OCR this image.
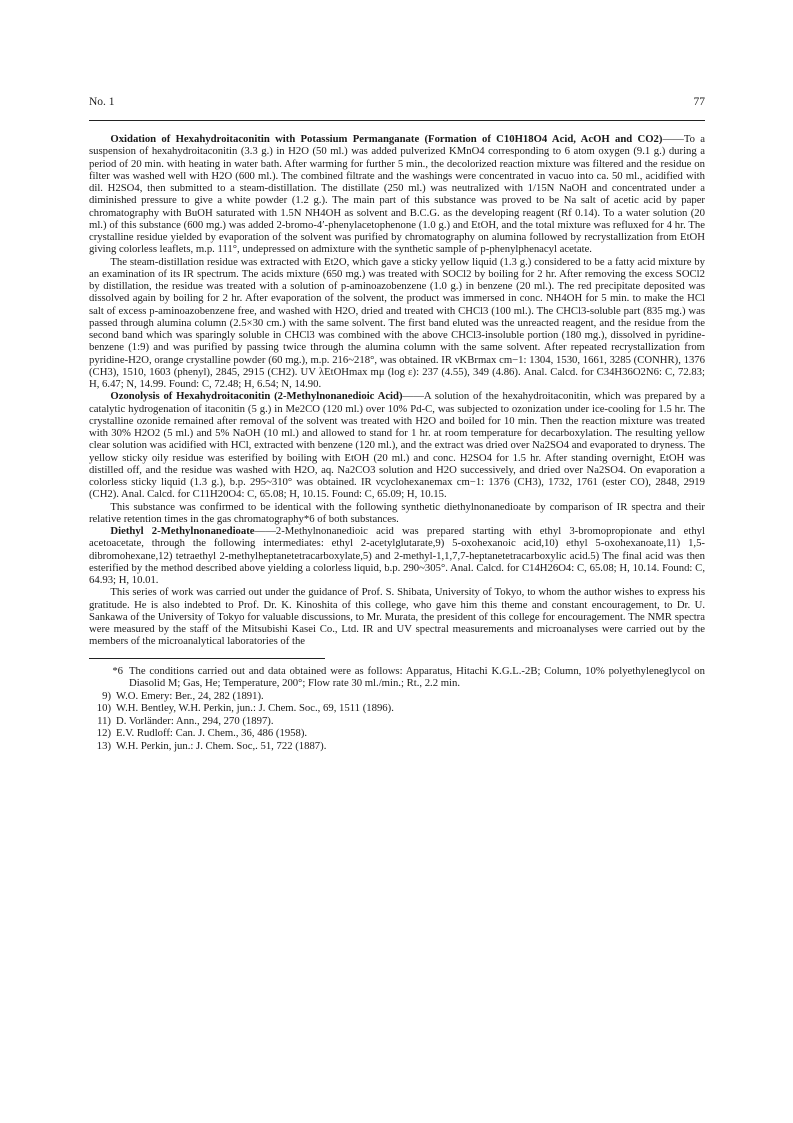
No. 1	77

Oxidation of Hexahydroitaconitin with Potassium Permanganate (Formation of C10H18O4 Acid, AcOH and CO2)——To a suspension of hexahydroitaconitin (3.3 g.) in H2O (50 ml.) was added pulverized KMnO4 corresponding to 6 atom oxygen (9.1 g.) during a period of 20 min. with heating in water bath. After warming for further 5 min., the decolorized reaction mixture was filtered and the residue on filter was washed well with H2O (600 ml.). The combined filtrate and the washings were concentrated in vacuo into ca. 50 ml., acidified with dil. H2SO4, then submitted to a steam-distillation. The distillate (250 ml.) was neutralized with 1/15N NaOH and concentrated under a diminished pressure to give a white powder (1.2 g.). The main part of this substance was proved to be Na salt of acetic acid by paper chromatography with BuOH saturated with 1.5N NH4OH as solvent and B.C.G. as the developing reagent (Rf 0.14). To a water solution (20 ml.) of this substance (600 mg.) was added 2-bromo-4′-phenylacetophenone (1.0 g.) and EtOH, and the total mixture was refluxed for 4 hr. The crystalline residue yielded by evaporation of the solvent was purified by chromatography on alumina followed by recrystallization from EtOH giving colorless leaflets, m.p. 111°, undepressed on admixture with the synthetic sample of p-phenylphenacyl acetate.

The steam-distillation residue was extracted with Et2O, which gave a sticky yellow liquid (1.3 g.) considered to be a fatty acid mixture by an examination of its IR spectrum. The acids mixture (650 mg.) was treated with SOCl2 by boiling for 2 hr. After removing the excess SOCl2 by distillation, the residue was treated with a solution of p-aminoazobenzene (1.0 g.) in benzene (20 ml.). The red precipitate deposited was dissolved again by boiling for 2 hr. After evaporation of the solvent, the product was immersed in conc. NH4OH for 5 min. to make the HCl salt of excess p-aminoazobenzene free, and washed with H2O, dried and treated with CHCl3 (100 ml.). The CHCl3-soluble part (835 mg.) was passed through alumina column (2.5×30 cm.) with the same solvent. The first band eluted was the unreacted reagent, and the residue from the second band which was sparingly soluble in CHCl3 was combined with the above CHCl3-insoluble portion (180 mg.), dissolved in pyridine-benzene (1:9) and was purified by passing twice through the alumina column with the same solvent. After repeated recrystallization from pyridine-H2O, orange crystalline powder (60 mg.), m.p. 216~218°, was obtained. IR νKBrmax cm−1: 1304, 1530, 1661, 3285 (CONHR), 1376 (CH3), 1510, 1603 (phenyl), 2845, 2915 (CH2). UV λEtOHmax mμ (log ε): 237 (4.55), 349 (4.86). Anal. Calcd. for C34H36O2N6: C, 72.83; H, 6.47; N, 14.99. Found: C, 72.48; H, 6.54; N, 14.90.

Ozonolysis of Hexahydroitaconitin (2-Methylnonanedioic Acid)——A solution of the hexahydroitaconitin, which was prepared by a catalytic hydrogenation of itaconitin (5 g.) in Me2CO (120 ml.) over 10% Pd-C, was subjected to ozonization under ice-cooling for 1.5 hr. The crystalline ozonide remained after removal of the solvent was treated with H2O and boiled for 10 min. Then the reaction mixture was treated with 30% H2O2 (5 ml.) and 5% NaOH (10 ml.) and allowed to stand for 1 hr. at room temperature for decarboxylation. The resulting yellow clear solution was acidified with HCl, extracted with benzene (120 ml.), and the extract was dried over Na2SO4 and evaporated to dryness. The yellow sticky oily residue was esterified by boiling with EtOH (20 ml.) and conc. H2SO4 for 1.5 hr. After standing overnight, EtOH was distilled off, and the residue was washed with H2O, aq. Na2CO3 solution and H2O successively, and dried over Na2SO4. On evaporation a colorless sticky liquid (1.3 g.), b.p. 295~310° was obtained. IR νcyclohexanemax cm−1: 1376 (CH3), 1732, 1761 (ester CO), 2848, 2919 (CH2). Anal. Calcd. for C11H20O4: C, 65.08; H, 10.15. Found: C, 65.09; H, 10.15.

This substance was confirmed to be identical with the following synthetic diethylnonanedioate by comparison of IR spectra and their relative retention times in the gas chromatography*6 of both substances.

Diethyl 2-Methylnonanedioate——2-Methylnonanedioic acid was prepared starting with ethyl 3-bromopropionate and ethyl acetoacetate, through the following intermediates: ethyl 2-acetylglutarate,9) 5-oxohexanoic acid,10) ethyl 5-oxohexanoate,11) 1,5-dibromohexane,12) tetraethyl 2-methylheptanetetracarboxylate,5) and 2-methyl-1,1,7,7-heptanetetracarboxylic acid.5) The final acid was then esterified by the method described above yielding a colorless liquid, b.p. 290~305°. Anal. Calcd. for C14H26O4: C, 65.08; H, 10.14. Found: C, 64.93; H, 10.01.

This series of work was carried out under the guidance of Prof. S. Shibata, University of Tokyo, to whom the author wishes to express his gratitude. He is also indebted to Prof. Dr. K. Kinoshita of this college, who gave him this theme and constant encouragement, to Dr. U. Sankawa of the University of Tokyo for valuable discussions, to Mr. Murata, the president of this college for encouragement. The NMR spectra were measured by the staff of the Mitsubishi Kasei Co., Ltd. IR and UV spectral measurements and microanalyses were carried out by the members of the microanalytical laboratories of the

*6 The conditions carried out and data obtained were as follows: Apparatus, Hitachi K.G.L.-2B; Column, 10% polyethyleneglycol on Diasolid M; Gas, He; Temperature, 200°; Flow rate 30 ml./min.; Rt., 2.2 min.
9) W.O. Emery: Ber., 24, 282 (1891).
10) W.H. Bentley, W.H. Perkin, jun.: J. Chem. Soc., 69, 1511 (1896).
11) D. Vorländer: Ann., 294, 270 (1897).
12) E.V. Rudloff: Can. J. Chem., 36, 486 (1958).
13) W.H. Perkin, jun.: J. Chem. Soc,. 51, 722 (1887).
